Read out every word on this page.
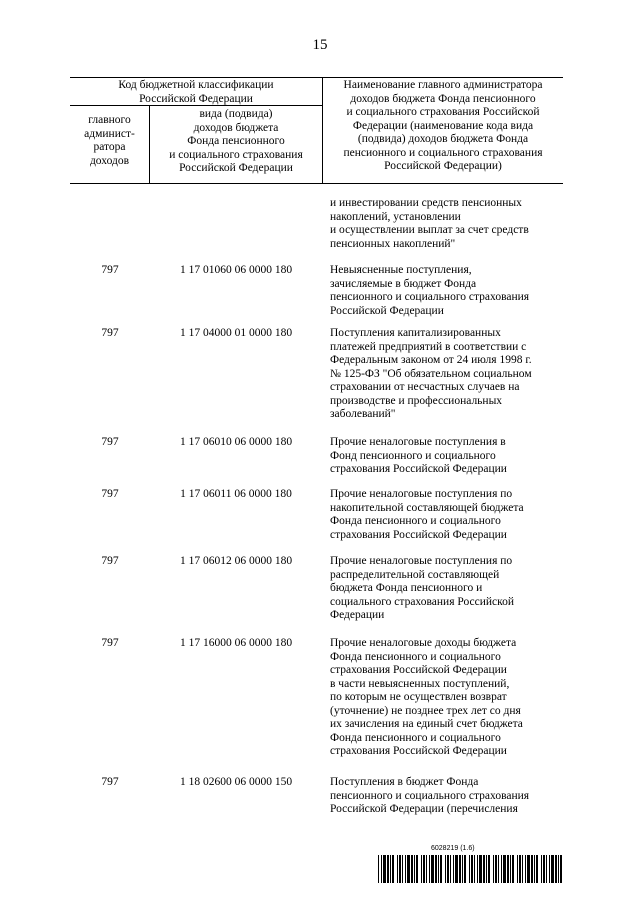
15
Код бюджетной классификации
Российской Федерации
главного
админист-
ратора
доходов
вида (подвида)
доходов бюджета
Фонда пенсионного
и социального страхования
Российской Федерации
Наименование главного администратора
доходов бюджета Фонда пенсионного
и социального страхования Российской
Федерации (наименование кода вида
(подвида) доходов бюджета Фонда
пенсионного и социального страхования
Российской Федерации)
и инвестировании средств пенсионных
накоплений, установлении
и осуществлении выплат за счет средств
пенсионных накоплений"
797	1 17 01060 06 0000 180	Невыясненные поступления,
зачисляемые в бюджет Фонда
пенсионного и социального страхования
Российской Федерации
797	1 17 04000 01 0000 180	Поступления капитализированных
платежей предприятий в соответствии с
Федеральным законом от 24 июля 1998 г.
№ 125-ФЗ "Об обязательном социальном
страховании от несчастных случаев на
производстве и профессиональных
заболеваний"
797	1 17 06010 06 0000 180	Прочие неналоговые поступления в
Фонд пенсионного и социального
страхования Российской Федерации
797	1 17 06011 06 0000 180	Прочие неналоговые поступления по
накопительной составляющей бюджета
Фонда пенсионного и социального
страхования Российской Федерации
797	1 17 06012 06 0000 180	Прочие неналоговые поступления по
распределительной составляющей
бюджета Фонда пенсионного и
социального страхования Российской
Федерации
797	1 17 16000 06 0000 180	Прочие неналоговые доходы бюджета
Фонда пенсионного и социального
страхования Российской Федерации
в части невыясненных поступлений,
по которым не осуществлен возврат
(уточнение) не позднее трех лет со дня
их зачисления на единый счет бюджета
Фонда пенсионного и социального
страхования Российской Федерации
797	1 18 02600 06 0000 150	Поступления в бюджет Фонда
пенсионного и социального страхования
Российской Федерации (перечисления
6028219 (1.6)
